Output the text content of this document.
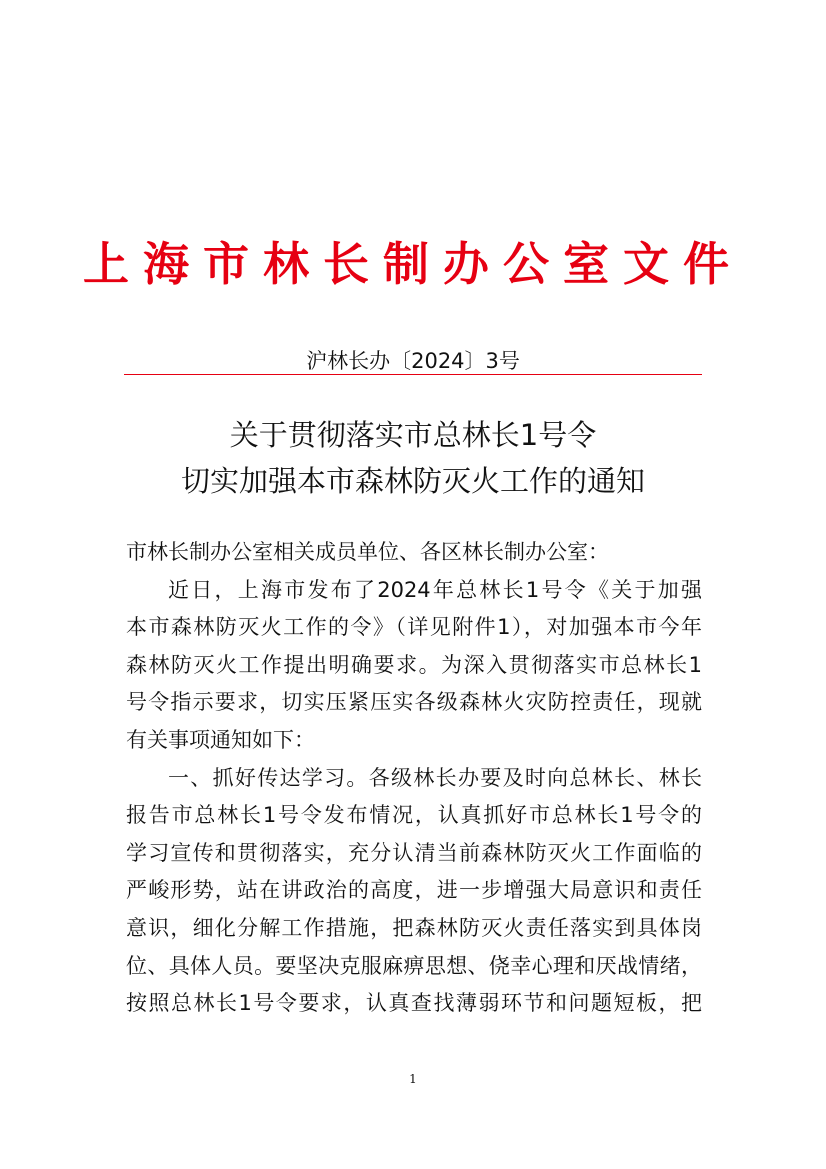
上海市林长制办公室文件
沪林长办〔2024〕3号
关于贯彻落实市总林长1号令
切实加强本市森林防灭火工作的通知
市林长制办公室相关成员单位、各区林长制办公室：
近日，上海市发布了2024年总林长1号令《关于加强
本市森林防灭火工作的令》（详见附件1），对加强本市今年
森林防灭火工作提出明确要求。为深入贯彻落实市总林长1
号令指示要求，切实压紧压实各级森林火灾防控责任，现就
有关事项通知如下：
一、抓好传达学习。各级林长办要及时向总林长、林长
报告市总林长1号令发布情况，认真抓好市总林长1号令的
学习宣传和贯彻落实，充分认清当前森林防灭火工作面临的
严峻形势，站在讲政治的高度，进一步增强大局意识和责任
意识，细化分解工作措施，把森林防灭火责任落实到具体岗
位、具体人员。要坚决克服麻痹思想、侥幸心理和厌战情绪，
按照总林长1号令要求，认真查找薄弱环节和问题短板，把
1
